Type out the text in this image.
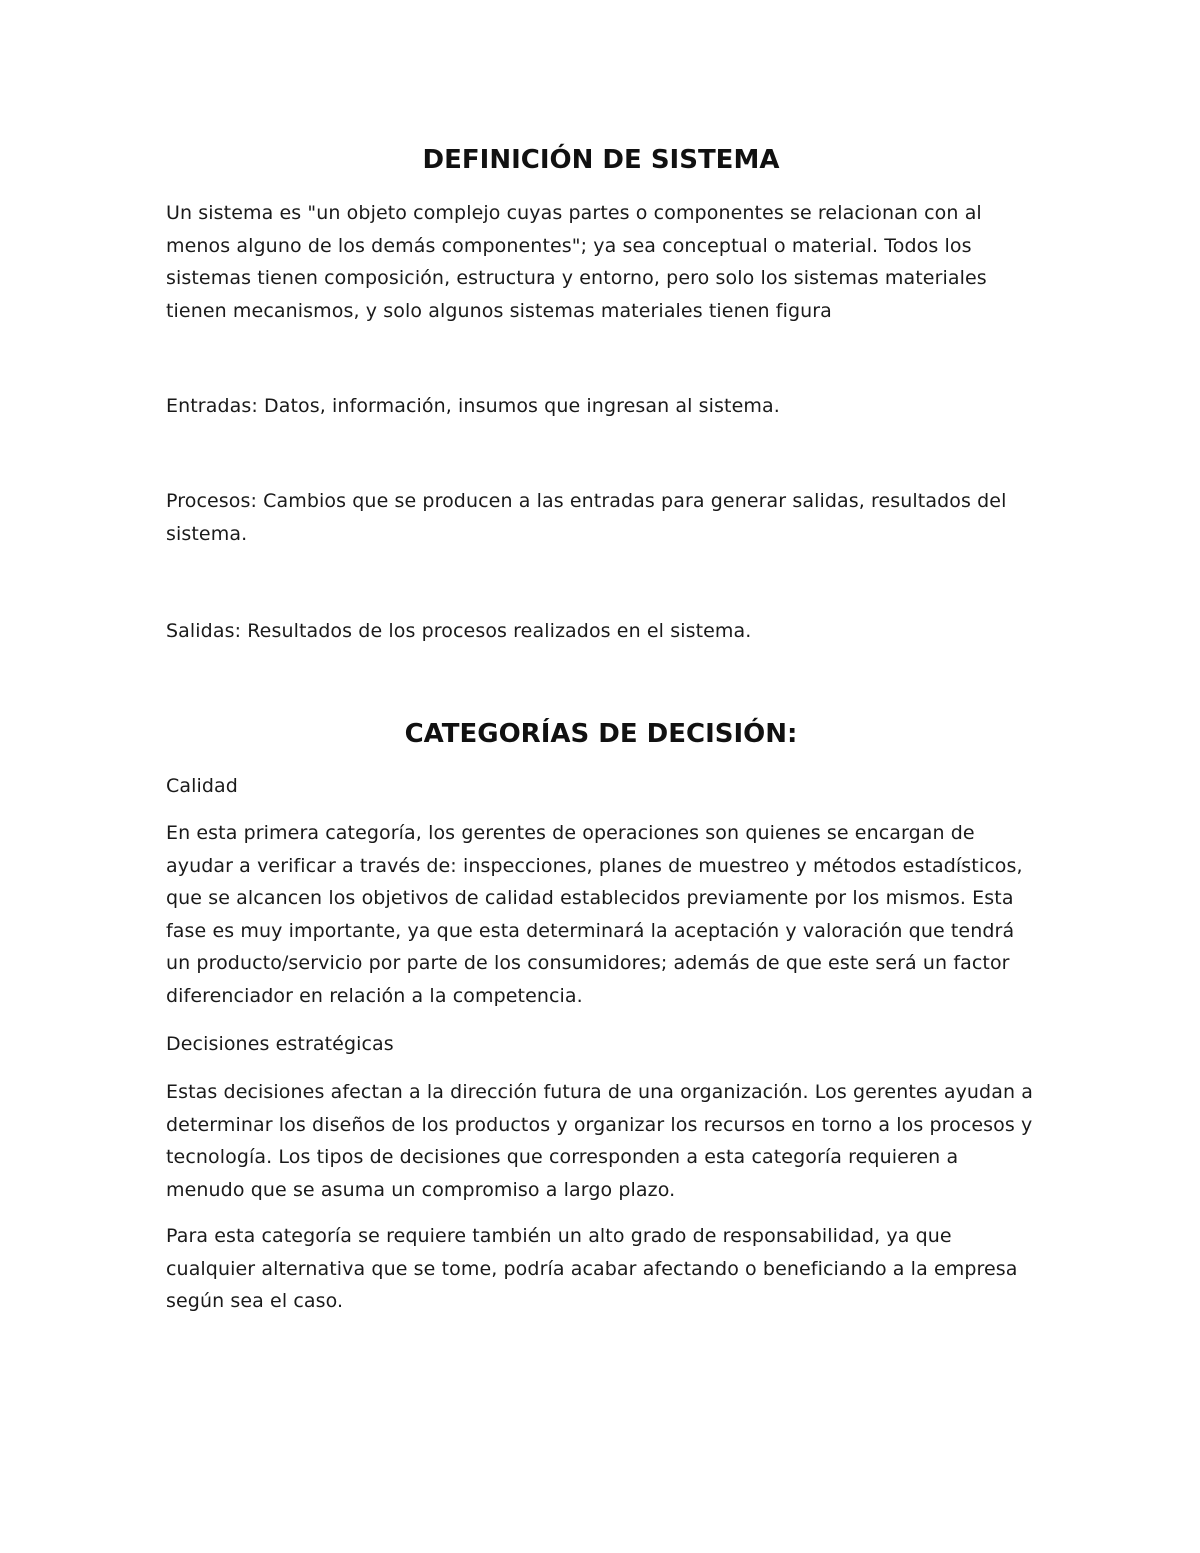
DEFINICIÓN DE SISTEMA

Un sistema es "un objeto complejo cuyas partes o componentes se relacionan con al menos alguno de los demás componentes"; ya sea conceptual o material. Todos los sistemas tienen composición, estructura y entorno, pero solo los sistemas materiales tienen mecanismos, y solo algunos sistemas materiales tienen figura

Entradas: Datos, información, insumos que ingresan al sistema.

Procesos: Cambios que se producen a las entradas para generar salidas, resultados del sistema.

Salidas: Resultados de los procesos realizados en el sistema.

CATEGORÍAS DE DECISIÓN:

Calidad

En esta primera categoría, los gerentes de operaciones son quienes se encargan de ayudar a verificar a través de: inspecciones, planes de muestreo y métodos estadísticos, que se alcancen los objetivos de calidad establecidos previamente por los mismos. Esta fase es muy importante, ya que esta determinará la aceptación y valoración que tendrá un producto/servicio por parte de los consumidores; además de que este será un factor diferenciador en relación a la competencia.

Decisiones estratégicas

Estas decisiones afectan a la dirección futura de una organización. Los gerentes ayudan a determinar los diseños de los productos y organizar los recursos en torno a los procesos y tecnología. Los tipos de decisiones que corresponden a esta categoría requieren a menudo que se asuma un compromiso a largo plazo.

Para esta categoría se requiere también un alto grado de responsabilidad, ya que cualquier alternativa que se tome, podría acabar afectando o beneficiando a la empresa según sea el caso.
